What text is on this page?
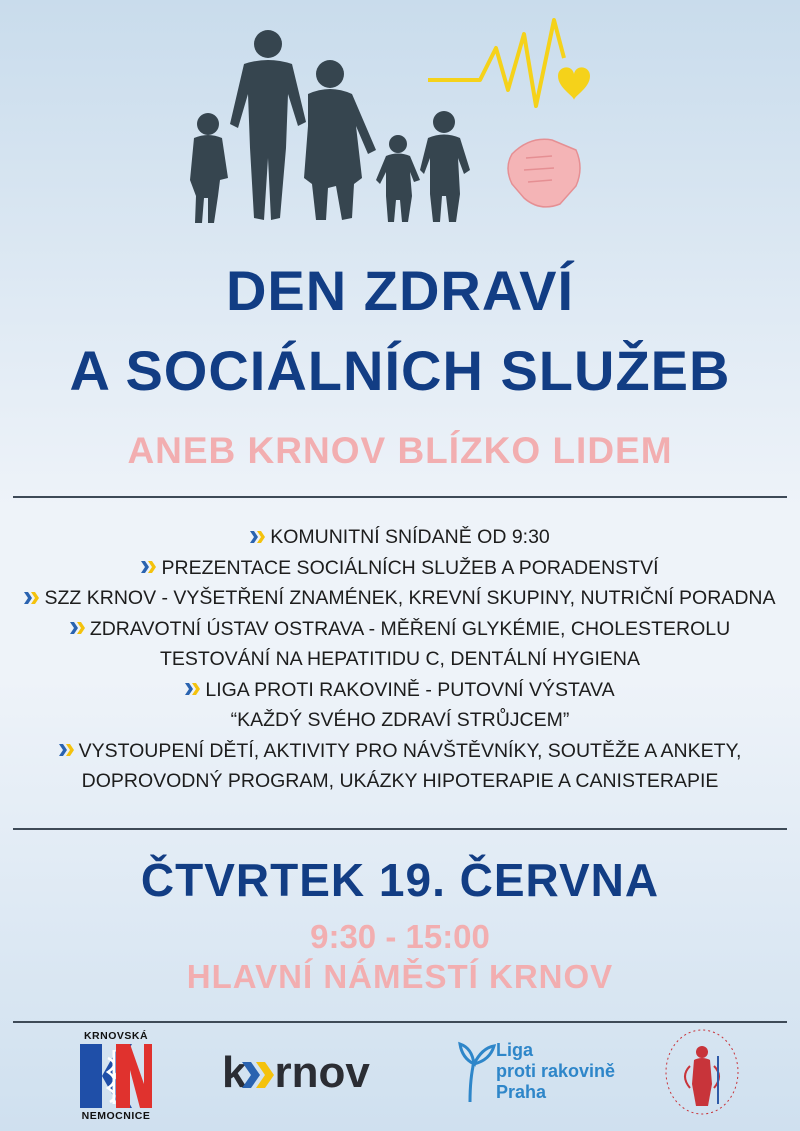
DEN ZDRAVÍ
A SOCIÁLNÍCH SLUŽEB
ANEB KRNOV BLÍZKO LIDEM
KOMUNITNÍ SNÍDANĚ OD 9:30
PREZENTACE SOCIÁLNÍCH SLUŽEB A PORADENSTVÍ
SZZ KRNOV - VYŠETŘENÍ ZNAMÉNEK, KREVNÍ SKUPINY, NUTRIČNÍ PORADNA
ZDRAVOTNÍ ÚSTAV OSTRAVA - MĚŘENÍ GLYKÉMIE, CHOLESTEROLU
TESTOVÁNÍ NA HEPATITIDU C, DENTÁLNÍ HYGIENA
LIGA PROTI RAKOVINĚ - PUTOVNÍ VÝSTAVA
“KAŽDÝ SVÉHO ZDRAVÍ STRŮJCEM”
VYSTOUPENÍ DĚTÍ, AKTIVITY PRO NÁVŠTĚVNÍKY, SOUTĚŽE A ANKETY,
DOPROVODNÝ PROGRAM, UKÁZKY HIPOTERAPIE A CANISTERAPIE
ČTVRTEK 19. ČERVNA
9:30 - 15:00
HLAVNÍ NÁMĚSTÍ KRNOV
KRNOVSKÁ
NEMOCNICE
k rnov	Liga
proti rakovině
Praha
